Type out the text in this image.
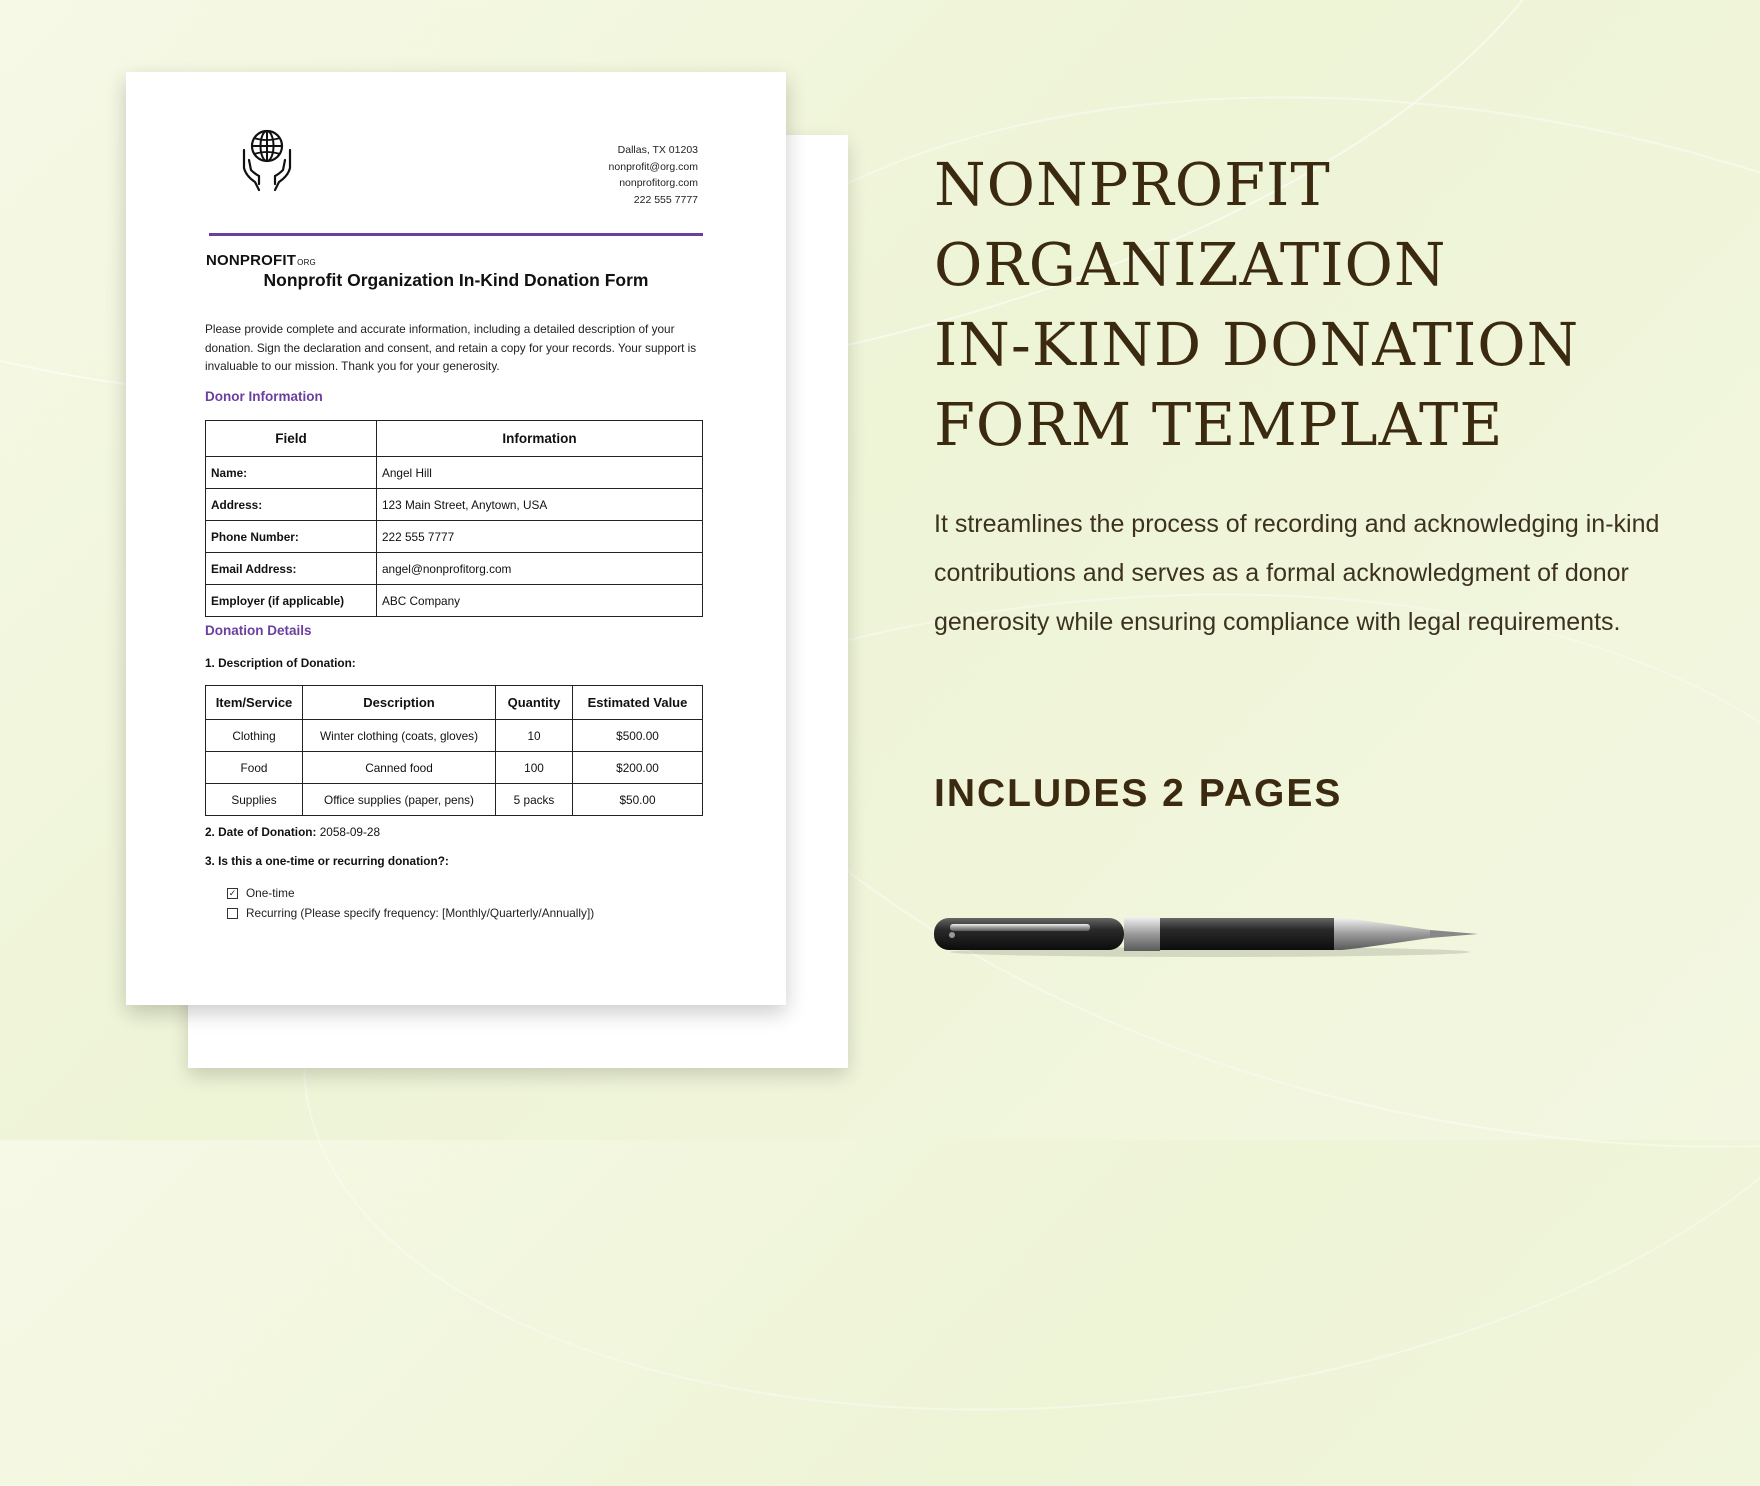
NONPROFITORG
Dallas, TX 01203
nonprofit@org.com
nonprofitorg.com
222 555 7777
Nonprofit Organization In-Kind Donation Form
Please provide complete and accurate information, including a detailed description of your donation. Sign the declaration and consent, and retain a copy for your records. Your support is invaluable to our mission. Thank you for your generosity.
Donor Information
Field	Information
Name:	Angel Hill
Address:	123 Main Street, Anytown, USA
Phone Number:	222 555 7777
Email Address:	angel@nonprofitorg.com
Employer (if applicable)	ABC Company
Donation Details
1. Description of Donation:
Item/Service	Description	Quantity	Estimated Value
Clothing	Winter clothing (coats, gloves)	10	$500.00
Food	Canned food	100	$200.00
Supplies	Office supplies (paper, pens)	5 packs	$50.00
2. Date of Donation: 2058-09-28
3. Is this a one-time or recurring donation?:
✓ One-time
Recurring (Please specify frequency: [Monthly/Quarterly/Annually])
NONPROFIT
ORGANIZATION
IN-KIND DONATION
FORM TEMPLATE

It streamlines the process of recording and acknowledging in-kind contributions and serves as a formal acknowledgment of donor generosity while ensuring compliance with legal requirements.

INCLUDES 2 PAGES
